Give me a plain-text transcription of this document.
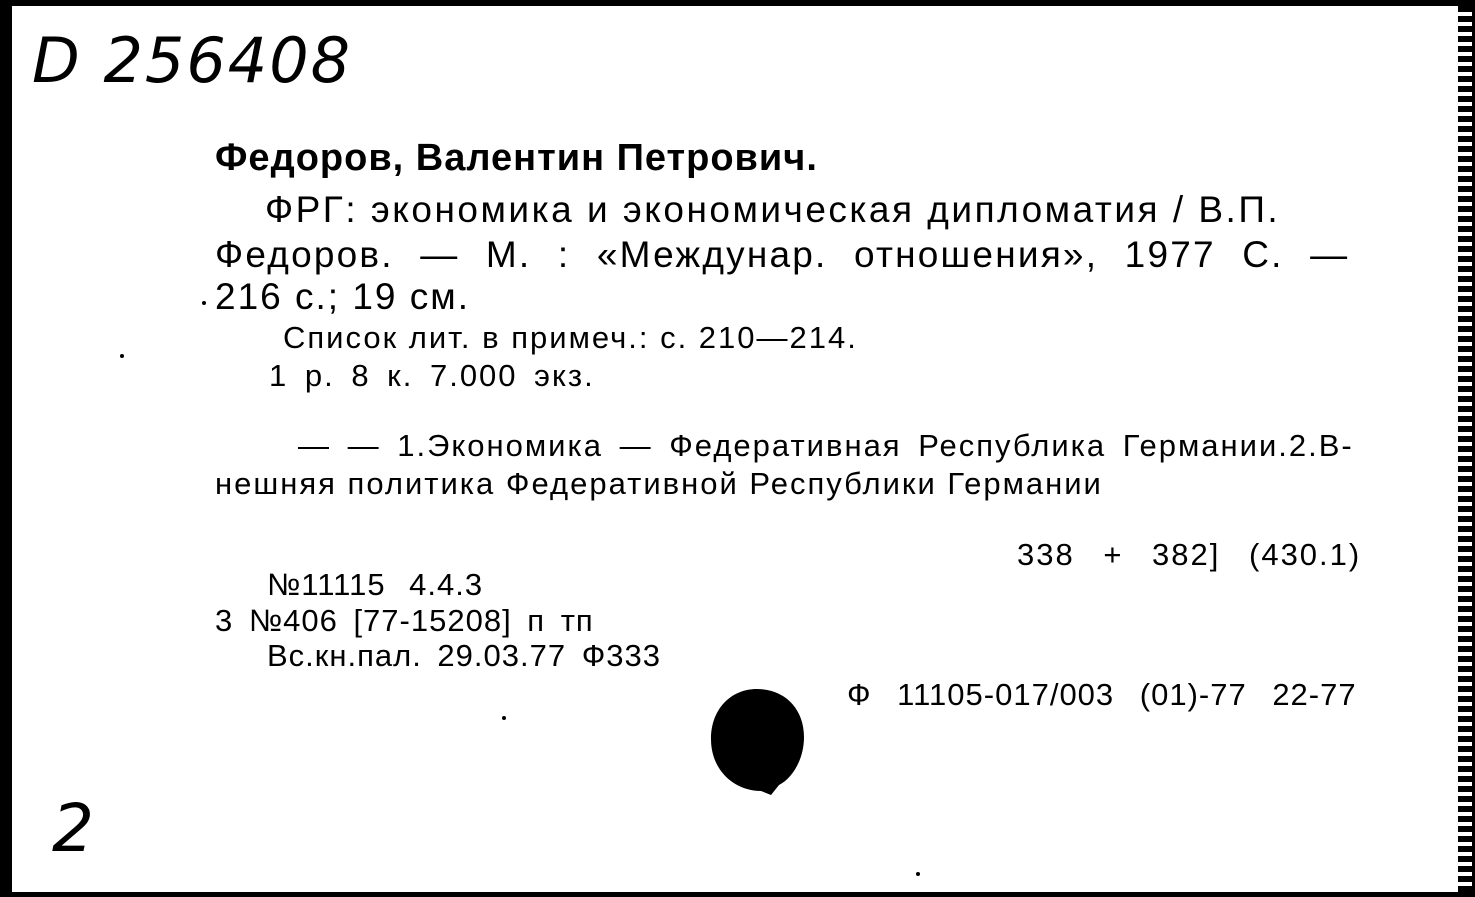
D 256408
Федоров, Валентин Петрович.
ФРГ: экономика и экономическая дипломатия / В.П.
Федоров. — М. : «Междунар. отношения», 1977 С. —
216 с.; 19 см.
Список лит. в примеч.: с. 210—214.
1 р. 8 к. 7.000 экз.
— — 1.Экономика — Федеративная Республика Германии.2.В-
нешняя политика Федеративной Республики Германии
338 + 382] (430.1)
№11115 4.4.3
3 №406 [77-15208] п тп
Вс.кн.пал. 29.03.77 Ф333
Ф 11105-017/003 (01)-77 22-77
2
